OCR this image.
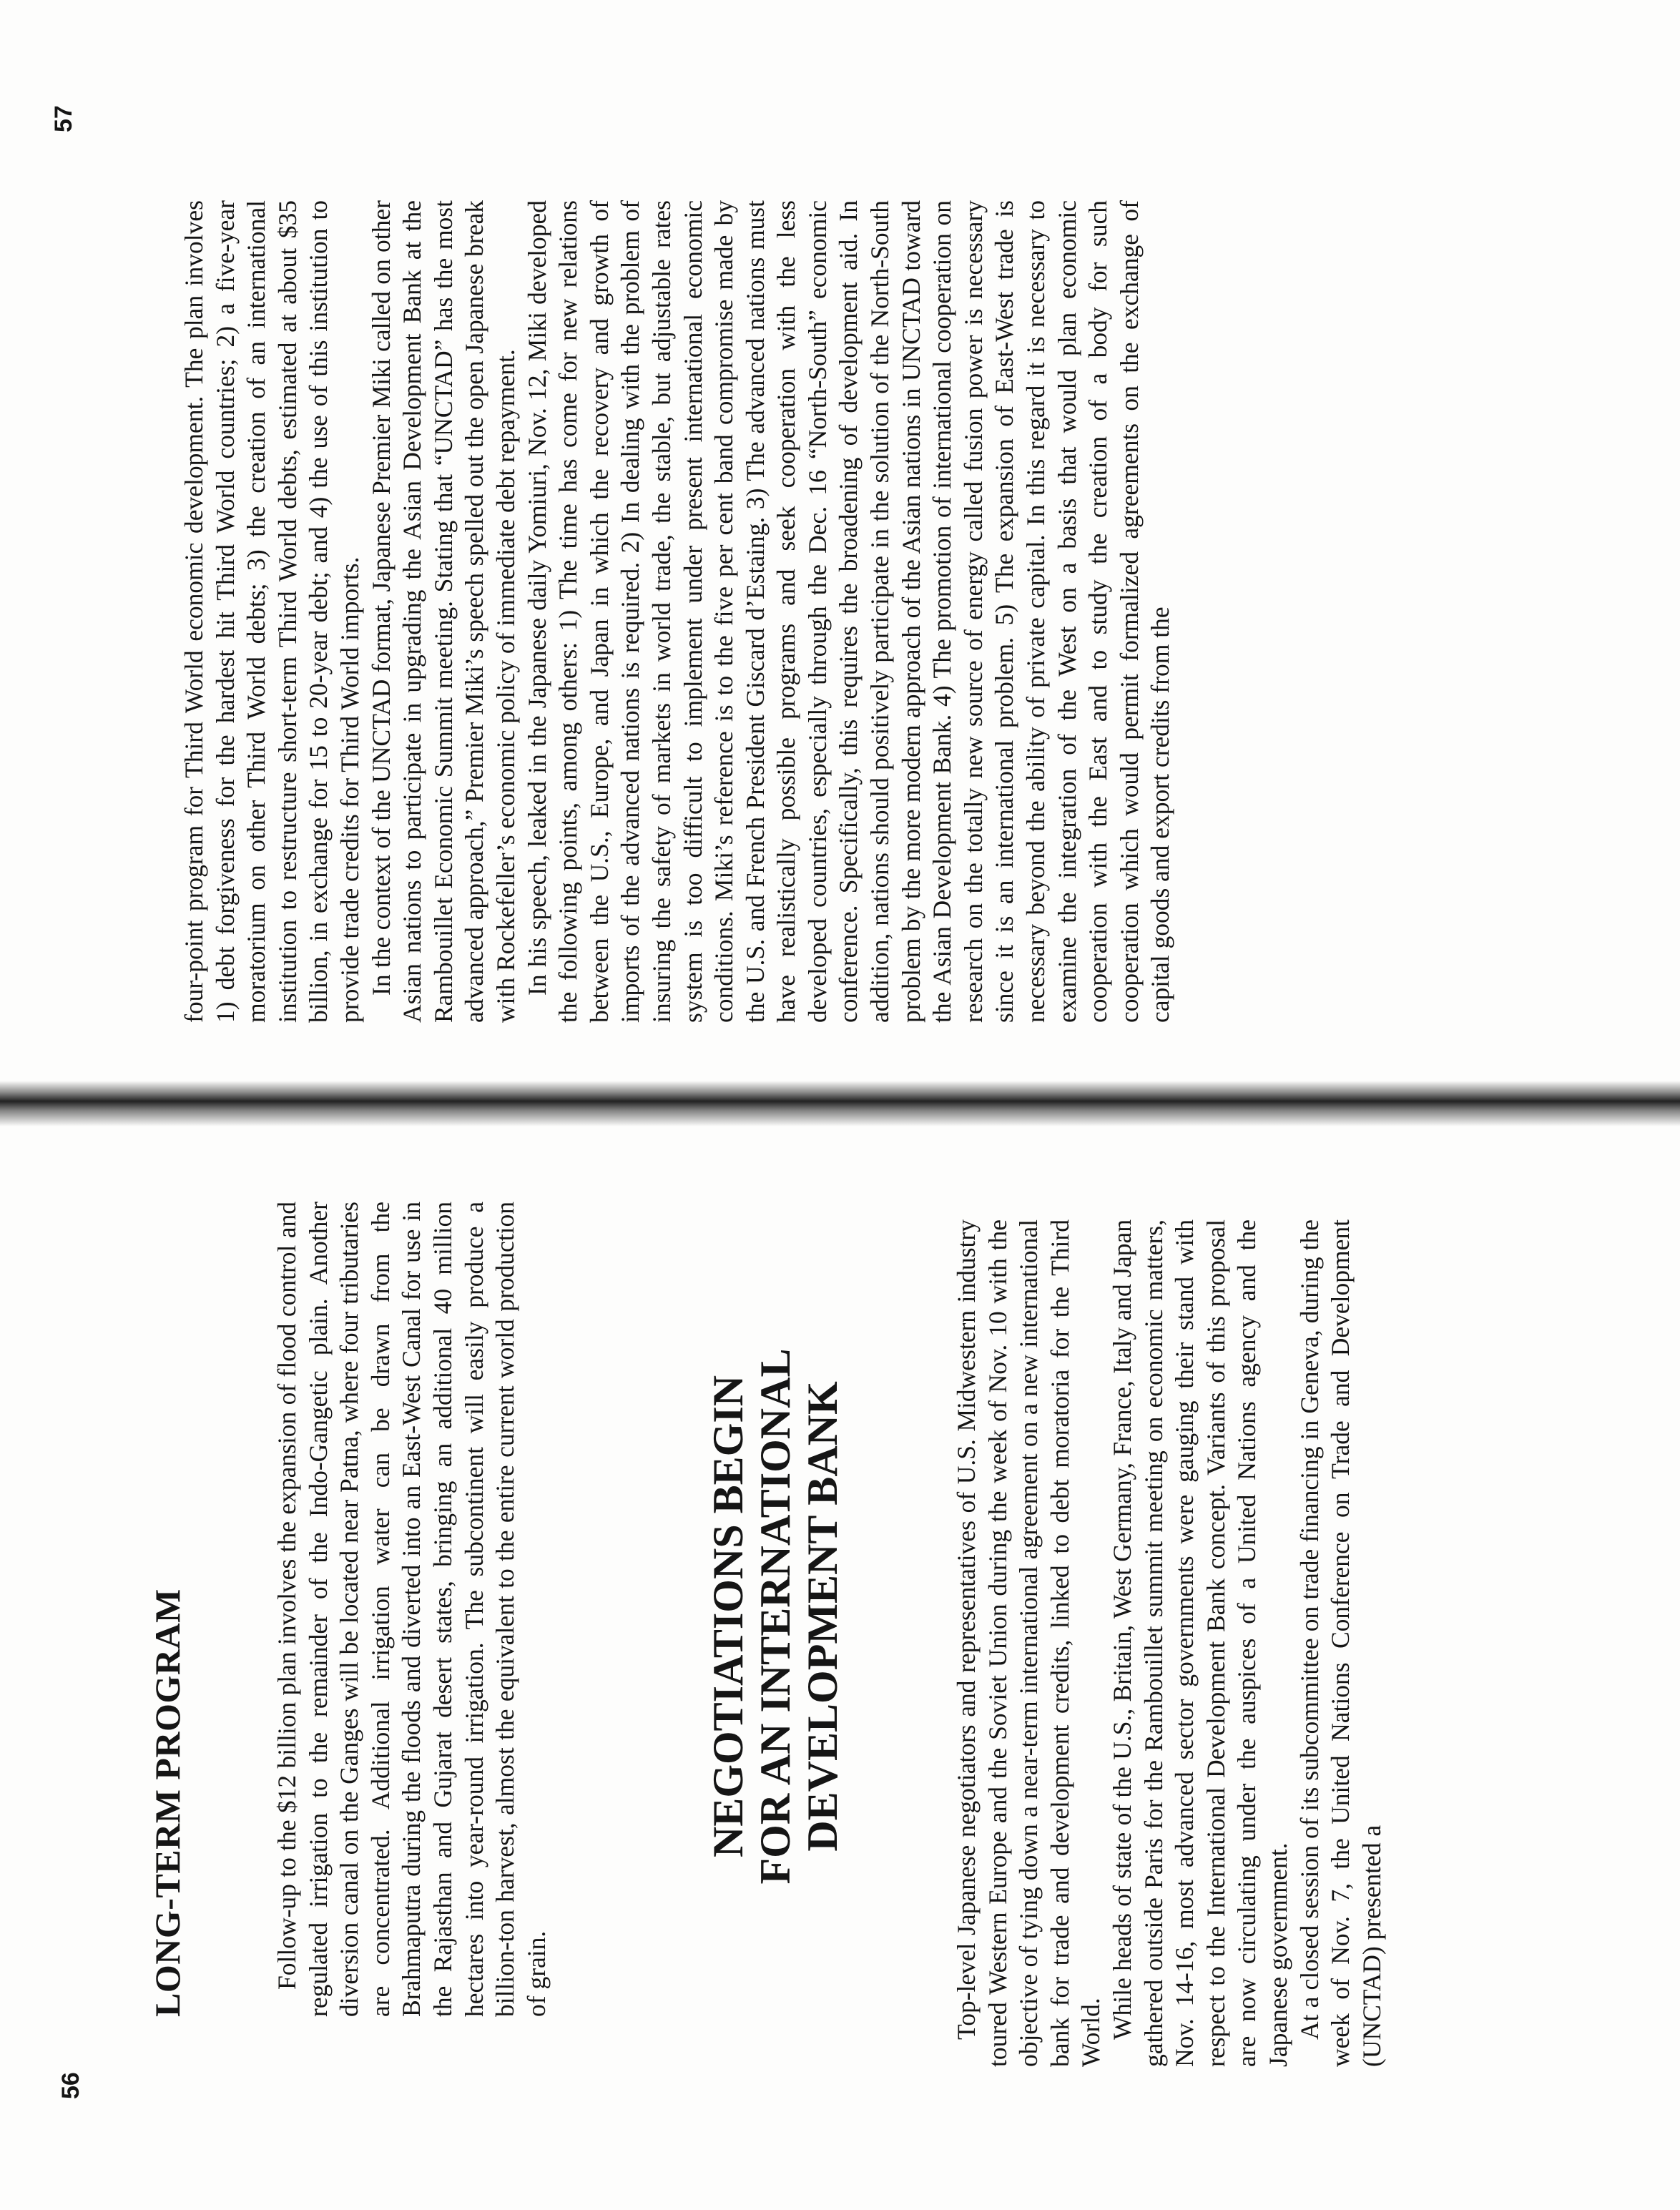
56
57
LONG-TERM PROGRAM	Follow-up to the $12 billion plan involves the expansion of flood control and regulated irrigation to the remainder of the Indo-Gangetic plain. Another diversion canal on the Ganges will be located near Patna, where four tributaries are concentrated. Additional irrigation water can be drawn from the Brahmaputra during the floods and diverted into an East-West Canal for use in the Rajasthan and Gujarat desert states, bringing an additional 40 million hectares into year-round irrigation. The subcontinent will easily produce a billion-ton harvest, almost the equivalent to the entire current world production of grain.

NEGOTIATIONS BEGIN FOR AN INTERNATIONAL DEVELOPMENT BANK	Top-level Japanese negotiators and representatives of U.S. Midwestern industry toured Western Europe and the Soviet Union during the week of Nov. 10 with the objective of tying down a near-term international agreement on a new international bank for trade and development credits, linked to debt moratoria for the Third World. While heads of state of the U.S., Britain, West Germany, France, Italy and Japan gathered outside Paris for the Rambouillet summit meeting on economic matters, Nov. 14-16, most advanced sector governments were gauging their stand with respect to the International Development Bank concept. Variants of this proposal are now circulating under the auspices of a United Nations agency and the Japanese government. At a closed session of its subcommittee on trade financing in Geneva, during the week of Nov. 7, the United Nations Conference on Trade and Development (UNCTAD) presented a

four-point program for Third World economic development. The plan involves 1) debt forgiveness for the hardest hit Third World countries; 2) a five-year moratorium on other Third World debts; 3) the creation of an international institution to restructure short-term Third World debts, estimated at about $35 billion, in exchange for 15 to 20-year debt; and 4) the use of this institution to provide trade credits for Third World imports. In the context of the UNCTAD format, Japanese Premier Miki called on other Asian nations to participate in upgrading the Asian Development Bank at the Rambouillet Economic Summit meeting. Stating that “UNCTAD” has the most advanced approach,” Premier Miki’s speech spelled out the open Japanese break with Rockefeller’s economic policy of immediate debt repayment. In his speech, leaked in the Japanese daily Yomiuri, Nov. 12, Miki developed the following points, among others: 1) The time has come for new relations between the U.S., Europe, and Japan in which the recovery and growth of imports of the advanced nations is required. 2) In dealing with the problem of insuring the safety of markets in world trade, the stable, but adjustable rates system is too difficult to implement under present international economic conditions. Miki’s reference is to the five per cent band compromise made by the U.S. and French President Giscard d’Estaing. 3) The advanced nations must have realistically possible programs and seek cooperation with the less developed countries, especially through the Dec. 16 “North-South” economic conference. Specifically, this requires the broadening of development aid. In addition, nations should positively participate in the solution of the North-South problem by the more modern approach of the Asian nations in UNCTAD toward the Asian Development Bank. 4) The promotion of international cooperation on research on the totally new source of energy called fusion power is necessary since it is an international problem. 5) The expansion of East-West trade is necessary beyond the ability of private capital. In this regard it is necessary to examine the integration of the West on a basis that would plan economic cooperation with the East and to study the creation of a body for such cooperation which would permit formalized agreements on the exchange of capital goods and export credits from the
